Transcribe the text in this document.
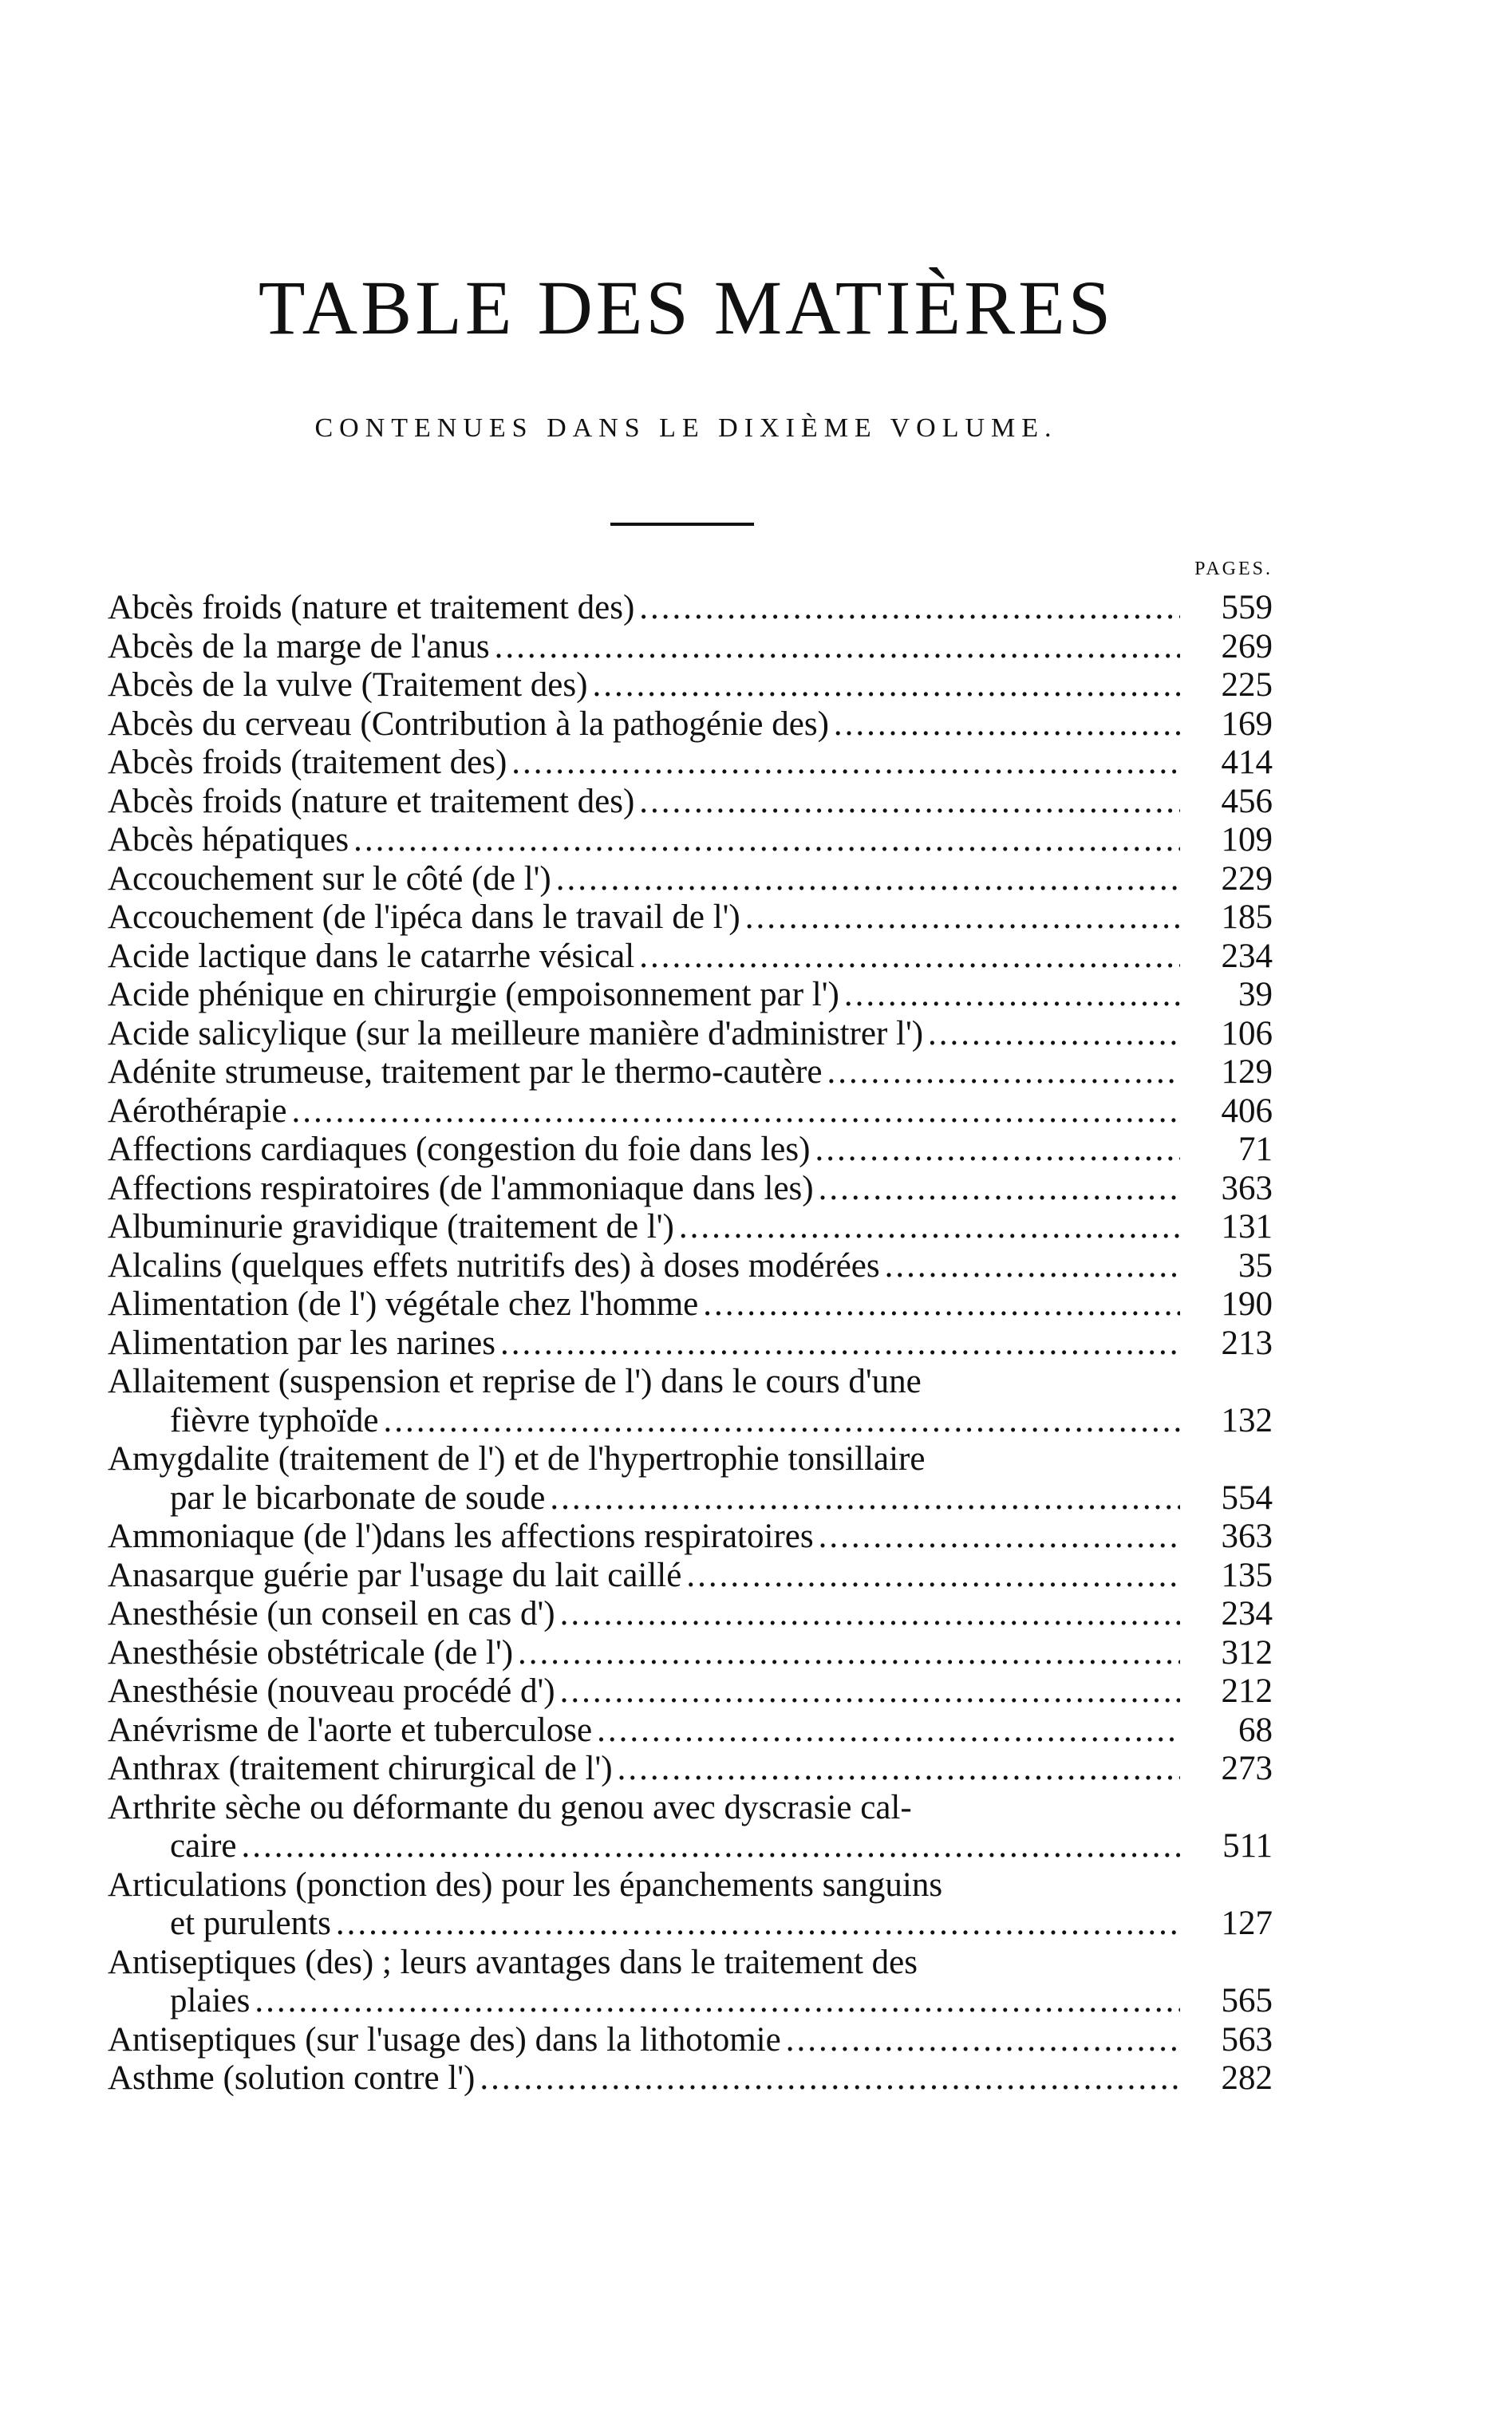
TABLE DES MATIÈRES
CONTENUES DANS LE DIXIÈME VOLUME.
PAGES.
Abcès froids (nature et traitement des) .....	559
Abcès de la marge de l'anus .....	269
Abcès de la vulve (Traitement des) .....	225
Abcès du cerveau (Contribution à la pathogénie des) .....	169
Abcès froids (traitement des) .....	414
Abcès froids (nature et traitement des) .....	456
Abcès hépatiques .....	109
Accouchement sur le côté (de l') .....	229
Accouchement (de l'ipéca dans le travail de l') .....	185
Acide lactique dans le catarrhe vésical .....	234
Acide phénique en chirurgie (empoisonnement par l') .....	39
Acide salicylique (sur la meilleure manière d'administrer l') .....	106
Adénite strumeuse, traitement par le thermo-cautère .....	129
Aérothérapie .....	406
Affections cardiaques (congestion du foie dans les) .....	71
Affections respiratoires (de l'ammoniaque dans les) .....	363
Albuminurie gravidique (traitement de l') .....	131
Alcalins (quelques effets nutritifs des) à doses modérées .....	35
Alimentation (de l') végétale chez l'homme .....	190
Alimentation par les narines .....	213
Allaitement (suspension et reprise de l') dans le cours d'une
fièvre typhoïde .....	132
Amygdalite (traitement de l') et de l'hypertrophie tonsillaire
par le bicarbonate de soude .....	554
Ammoniaque (de l')dans les affections respiratoires .....	363
Anasarque guérie par l'usage du lait caillé .....	135
Anesthésie (un conseil en cas d') .....	234
Anesthésie obstétricale (de l') .....	312
Anesthésie (nouveau procédé d') .....	212
Anévrisme de l'aorte et tuberculose .....	68
Anthrax (traitement chirurgical de l') .....	273
Arthrite sèche ou déformante du genou avec dyscrasie cal-
caire .....	511
Articulations (ponction des) pour les épanchements sanguins
et purulents .....	127
Antiseptiques (des) ; leurs avantages dans le traitement des
plaies .....	565
Antiseptiques (sur l'usage des) dans la lithotomie .....	563
Asthme (solution contre l') .....	282
